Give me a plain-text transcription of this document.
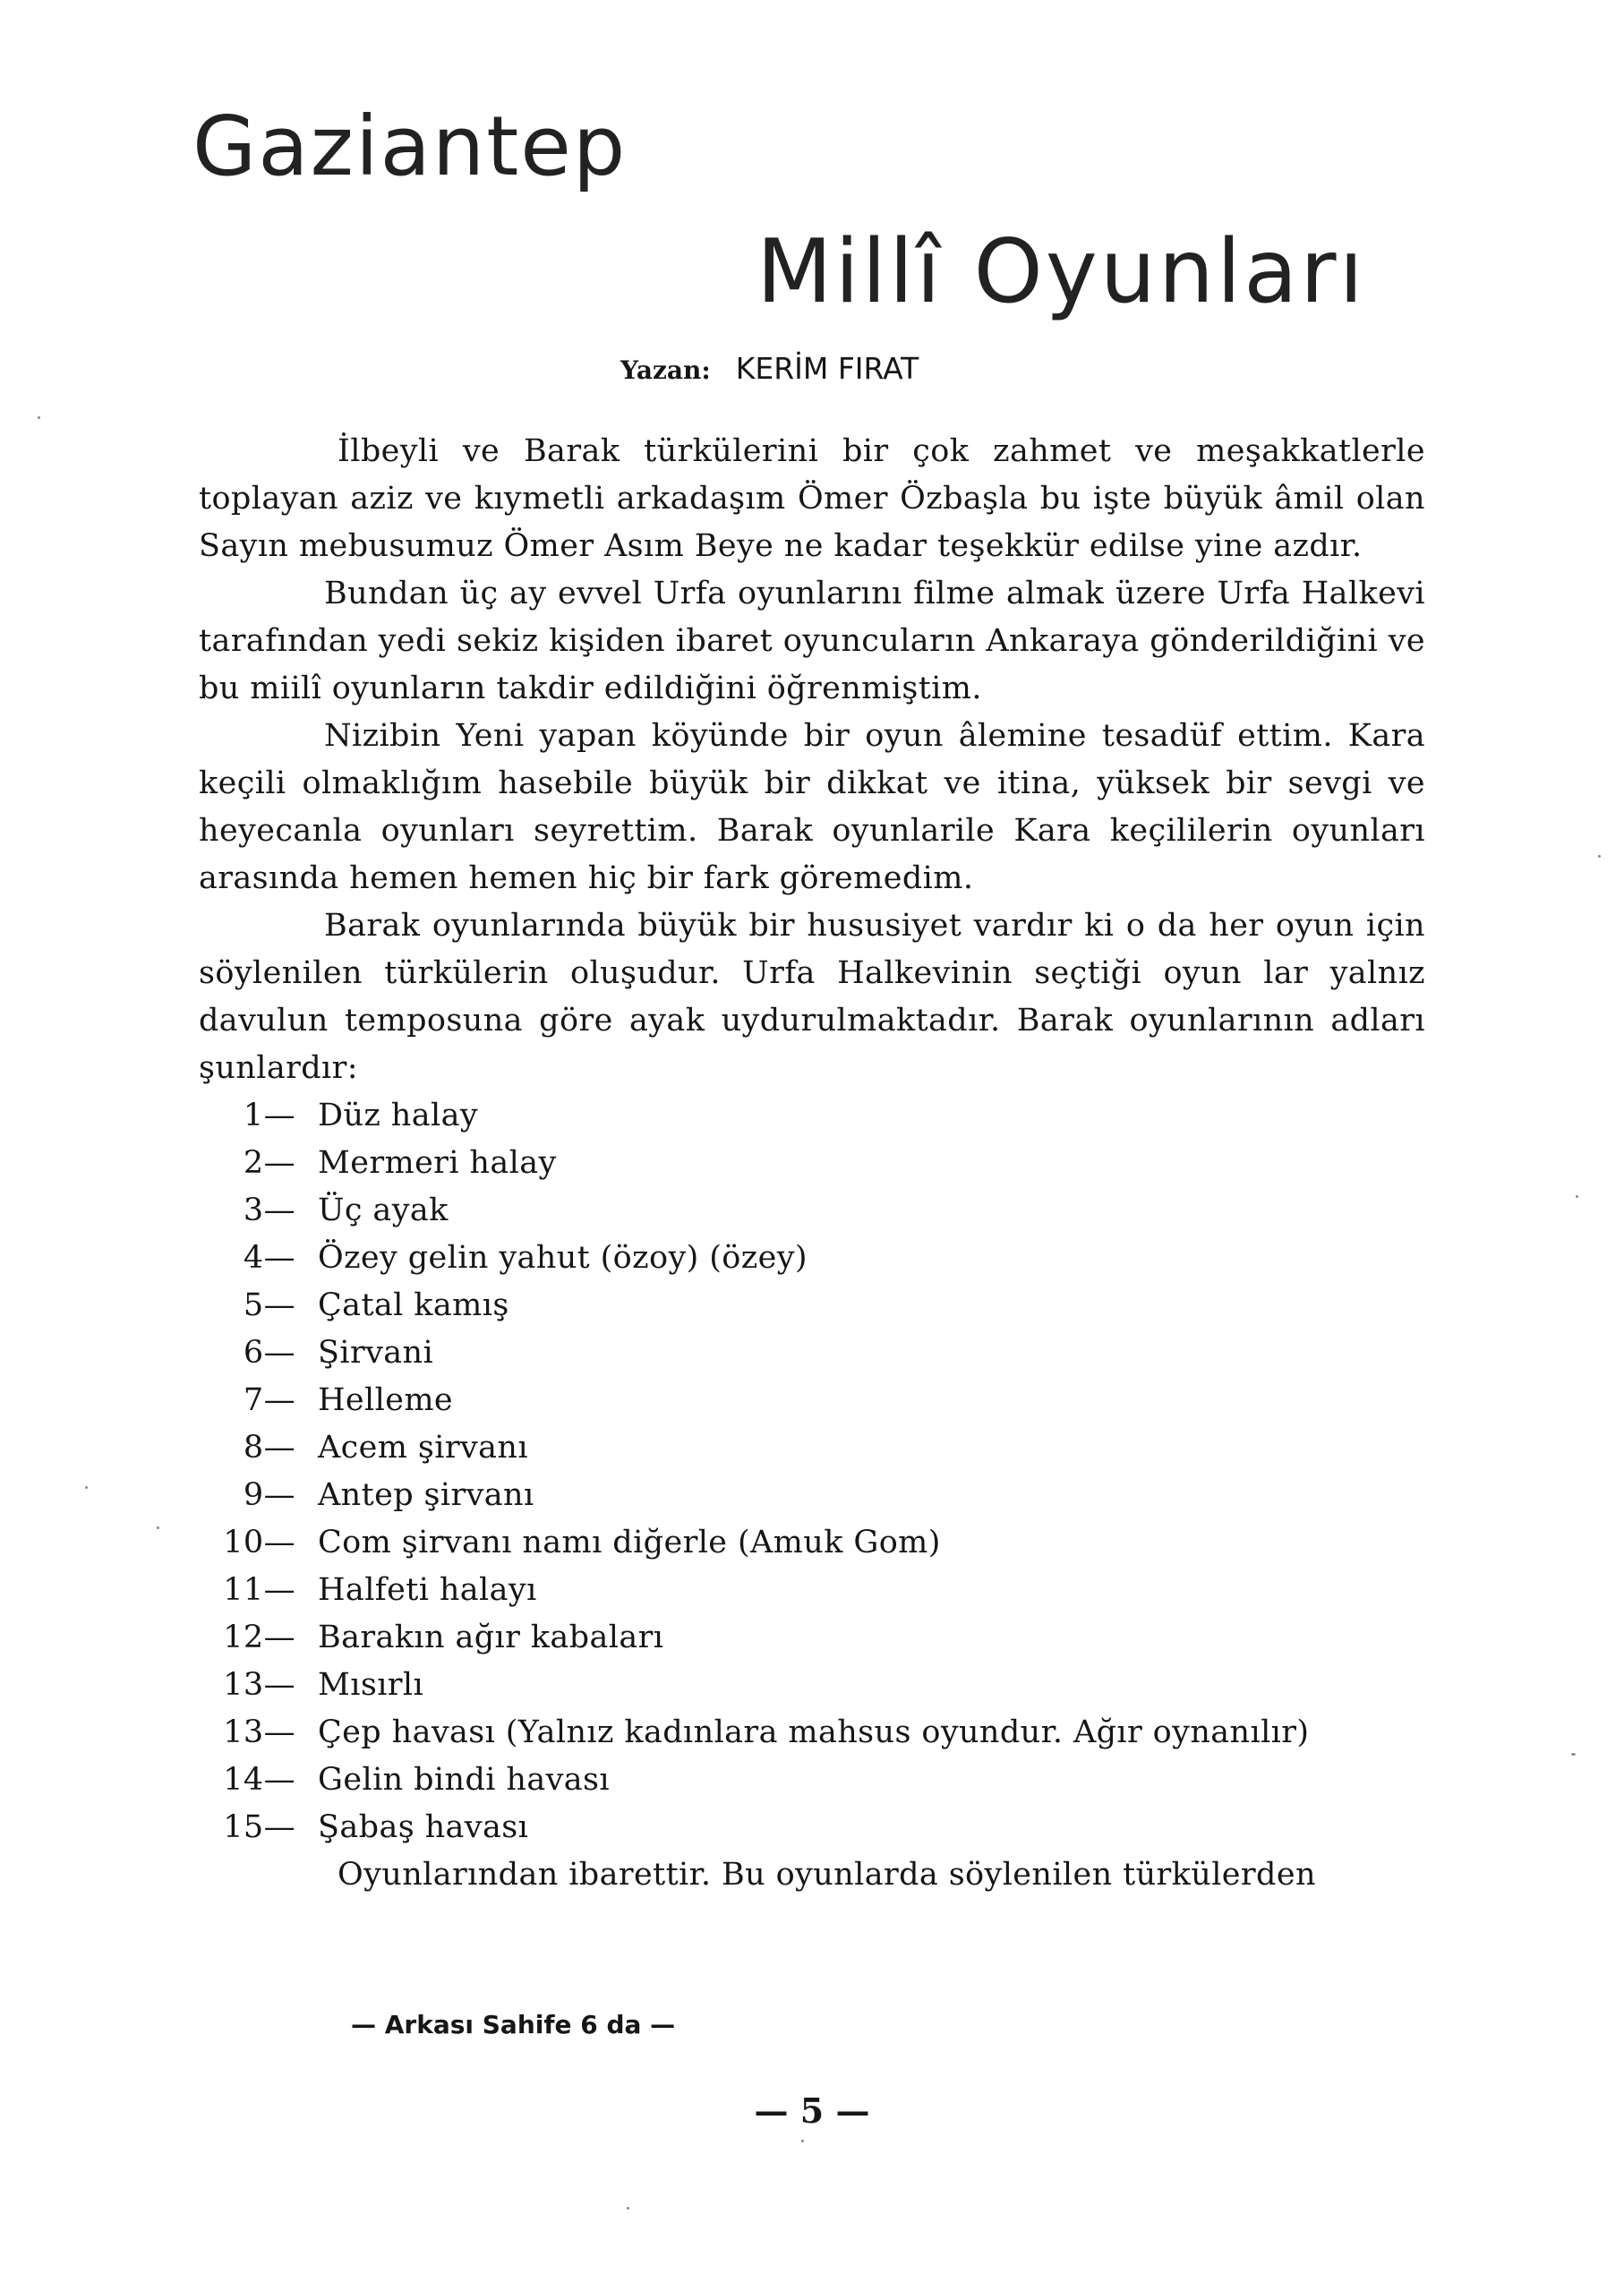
Gaziantep
Millî Oyunları
Yazan: KERİM FIRAT

İlbeyli ve Barak türkülerini bir çok zahmet ve meşakkatlerle toplayan aziz ve kıymetli arkadaşım Ömer Özbaşla bu işte büyük âmil olan Sayın mebusumuz Ömer Asım Beye ne kadar teşekkür edilse yine azdır.

Bundan üç ay evvel Urfa oyunlarını filme almak üzere Urfa Halkevi tarafından yedi sekiz kişiden ibaret oyuncuların Ankaraya gönderildiğini ve bu miilî oyunların takdir edildiğini öğrenmiştim.

Nizibin Yeni yapan köyünde bir oyun âlemine tesadüf ettim. Kara keçili olmaklığım hasebile büyük bir dikkat ve itina, yüksek bir sevgi ve heyecanla oyunları seyrettim. Barak oyunlarile Kara keçililerin oyunları arasında hemen hemen hiç bir fark göremedim.

Barak oyunlarında büyük bir hususiyet vardır ki o da her oyun için söylenilen türkülerin oluşudur. Urfa Halkevinin seçtiği oyun lar yalnız davulun temposuna göre ayak uydurulmaktadır. Barak oyunlarının adları şunlardır:

1— Düz halay
2— Mermeri halay
3— Üç ayak
4— Özey gelin yahut (özoy) (özey)
5— Çatal kamış
6— Şirvani
7— Helleme
8— Acem şirvanı
9— Antep şirvanı
10— Com şirvanı namı diğerle (Amuk Gom)
11— Halfeti halayı
12— Barakın ağır kabaları
13— Mısırlı
13— Çep havası (Yalnız kadınlara mahsus oyundur. Ağır oynanılır)
14— Gelin bindi havası
15— Şabaş havası

Oyunlarından ibarettir. Bu oyunlarda söylenilen türkülerden

— Arkası Sahife 6 da —
— 5 —
